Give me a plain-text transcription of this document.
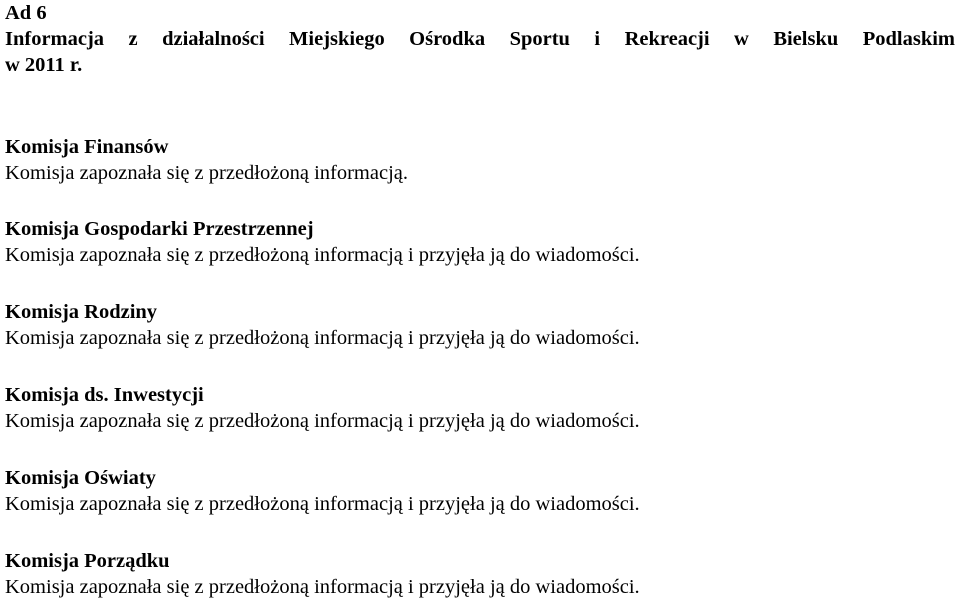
Ad 6
Informacja z działalności Miejskiego Ośrodka Sportu i Rekreacji w Bielsku Podlaskim
w 2011 r.
Komisja Finansów
Komisja zapoznała się z przedłożoną informacją.
Komisja Gospodarki Przestrzennej
Komisja zapoznała się z przedłożoną informacją i przyjęła ją do wiadomości.
Komisja Rodziny
Komisja zapoznała się z przedłożoną informacją i przyjęła ją do wiadomości.
Komisja ds. Inwestycji
Komisja zapoznała się z przedłożoną informacją i przyjęła ją do wiadomości.
Komisja Oświaty
Komisja zapoznała się z przedłożoną informacją i przyjęła ją do wiadomości.
Komisja Porządku
Komisja zapoznała się z przedłożoną informacją i przyjęła ją do wiadomości.
